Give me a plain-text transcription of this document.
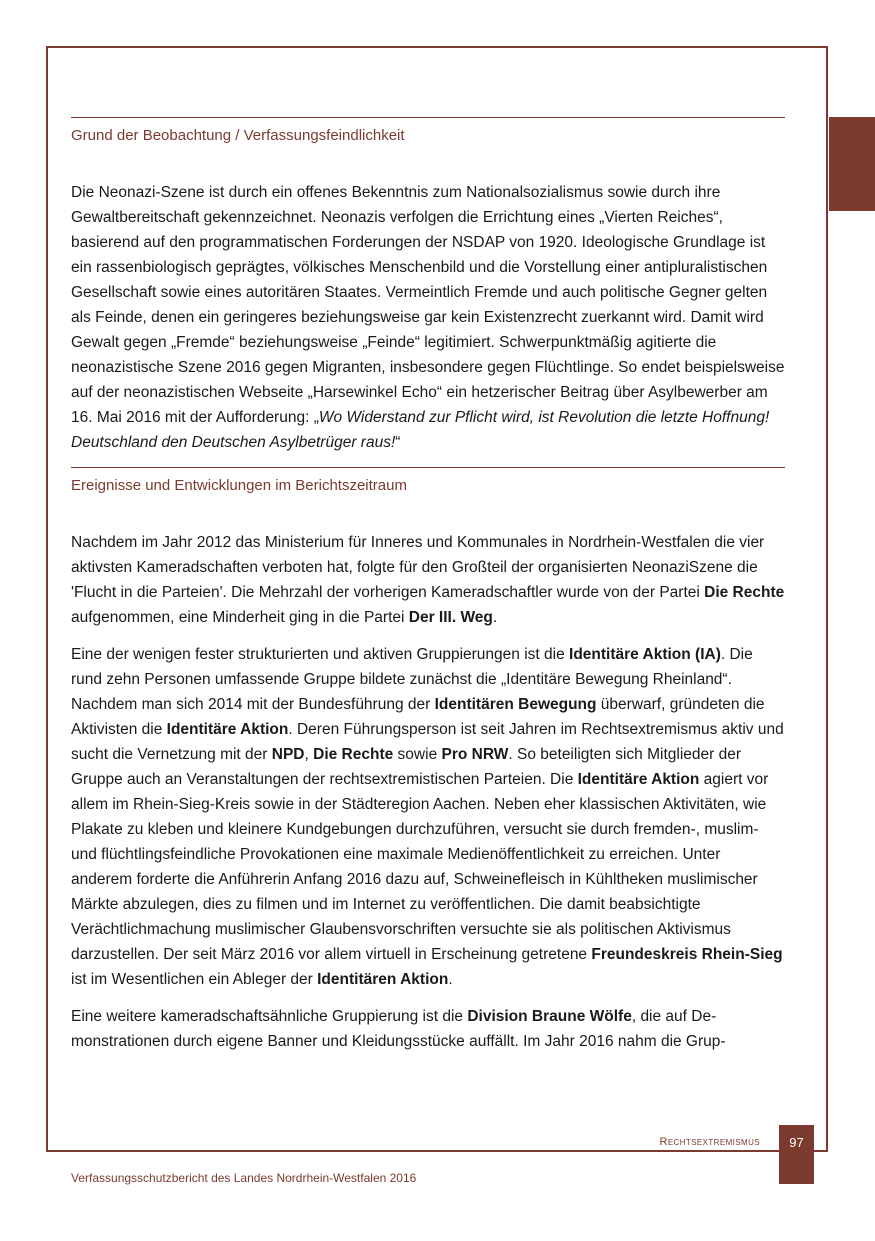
Grund der Beobachtung / Verfassungsfeindlichkeit

Die Neonazi-Szene ist durch ein offenes Bekenntnis zum Nationalsozialismus sowie durch ihre Gewaltbereitschaft gekennzeichnet. Neonazis verfolgen die Errichtung eines „Vierten Reiches“, basierend auf den programmatischen Forderungen der NSDAP von 1920. Ideologische Grundlage ist ein rassenbiologisch geprägtes, völkisches Menschenbild und die Vorstellung einer antipluralistischen Gesellschaft sowie eines autoritären Staates. Vermeintlich Fremde und auch politische Gegner gelten als Feinde, denen ein geringeres beziehungsweise gar kein Existenzrecht zuerkannt wird. Damit wird Gewalt gegen „Fremde“ beziehungsweise „Feinde“ legitimiert. Schwerpunktmäßig agitierte die neonazistische Szene 2016 gegen Migranten, insbesondere gegen Flüchtlinge. So endet beispielsweise auf der neonazistischen Webseite „Harsewinkel Echo“ ein hetzerischer Beitrag über Asylbewerber am 16. Mai 2016 mit der Aufforderung: „Wo Widerstand zur Pflicht wird, ist Revolution die letzte Hoffnung! Deutschland den Deutschen Asylbetrüger raus!“

Ereignisse und Entwicklungen im Berichtszeitraum

Nachdem im Jahr 2012 das Ministerium für Inneres und Kommunales in Nordrhein-Westfalen die vier aktivsten Kameradschaften verboten hat, folgte für den Großteil der organisierten NeonaziSzene die 'Flucht in die Parteien'. Die Mehrzahl der vorherigen Kameradschaftler wurde von der Partei Die Rechte aufgenommen, eine Minderheit ging in die Partei Der III. Weg.

Eine der wenigen fester strukturierten und aktiven Gruppierungen ist die Identitäre Aktion (IA). Die rund zehn Personen umfassende Gruppe bildete zunächst die „Identitäre Bewegung Rheinland“. Nachdem man sich 2014 mit der Bundesführung der Identitären Bewegung überwarf, gründeten die Aktivisten die Identitäre Aktion. Deren Führungsperson ist seit Jahren im Rechtsextremismus aktiv und sucht die Vernetzung mit der NPD, Die Rechte sowie Pro NRW. So beteiligten sich Mitglieder der Gruppe auch an Veranstaltungen der rechtsextremistischen Parteien. Die Identitäre Aktion agiert vor allem im Rhein-Sieg-Kreis sowie in der Städteregion Aachen. Neben eher klassischen Aktivitäten, wie Plakate zu kleben und kleinere Kundgebungen durchzuführen, versucht sie durch fremden-, muslim- und flüchtlingsfeindliche Provokationen eine maximale Medienöffentlichkeit zu erreichen. Unter anderem forderte die Anführerin Anfang 2016 dazu auf, Schweinefleisch in Kühltheken muslimischer Märkte abzulegen, dies zu filmen und im Internet zu veröffentlichen. Die damit beabsichtigte Verächtlichmachung muslimischer Glaubensvorschriften versuchte sie als politischen Aktivismus darzustellen. Der seit März 2016 vor allem virtuell in Erscheinung getretene Freundeskreis Rhein-Sieg ist im Wesentlichen ein Ableger der Identitären Aktion.

Eine weitere kameradschaftsähnliche Gruppierung ist die Division Braune Wölfe, die auf Demonstrationen durch eigene Banner und Kleidungsstücke auffällt. Im Jahr 2016 nahm die Grup-

Rechtsextremismus	97
Verfassungsschutzbericht des Landes Nordrhein-Westfalen 2016
